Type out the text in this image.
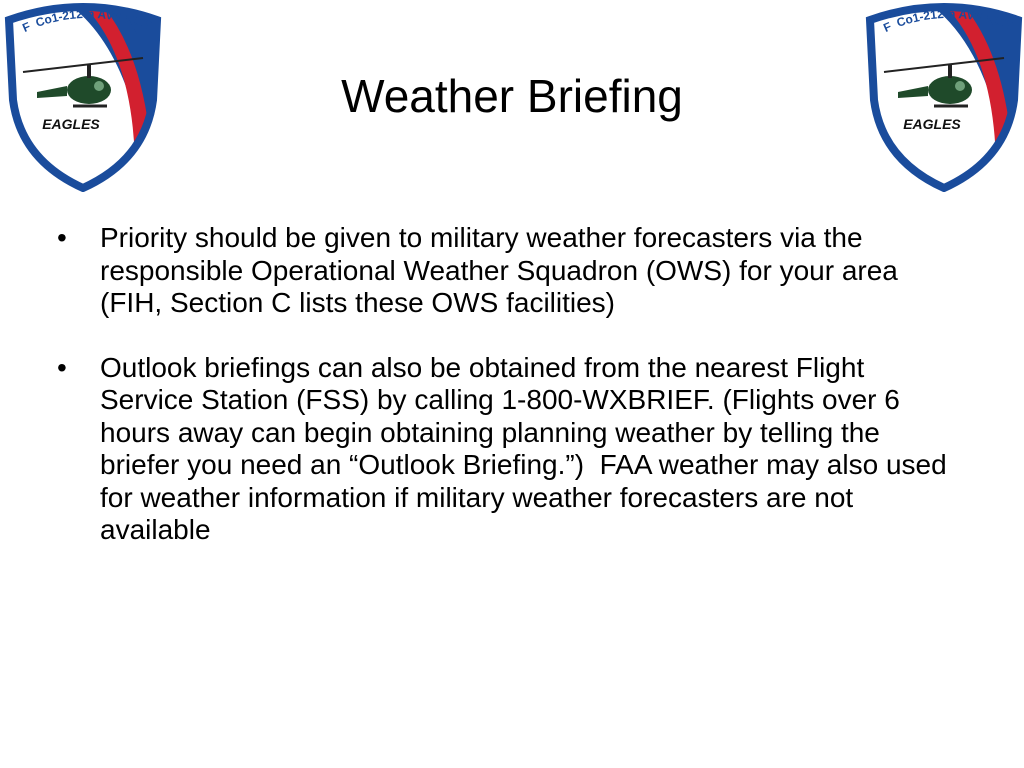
F Co1-212th AVN RGT
EAGLES
F Co1-212th AVN RGT
EAGLES
Weather Briefing
•	Priority should be given to military weather forecasters via the responsible Operational Weather Squadron (OWS) for your area (FIH, Section C lists these OWS facilities)
•	Outlook briefings can also be obtained from the nearest Flight Service Station (FSS) by calling 1-800-WXBRIEF. (Flights over 6 hours away can begin obtaining planning weather by telling the briefer you need an “Outlook Briefing.”)  FAA weather may also used for weather information if military weather forecasters are not available
